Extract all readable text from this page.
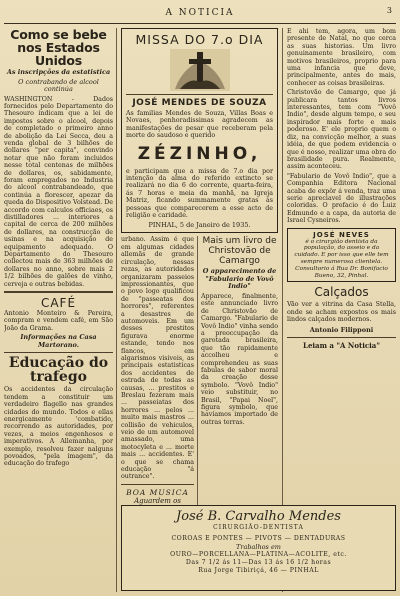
A NOTICIA	3
Como se bebe nos Estados Unidos
As inscripções da estatistica
O contrabando de alcool continúa
WASHINGTON - Dados fornecidos pelo Departamento do Thesouro indicam que a lei de impostos sobre o alcool, depois de completado o primeiro anno de abolição da Lei Secca, deu a venda global de 3 bilhões de dollares "per capita", convindo notar que não foram incluidos nesse total centenas de milhões de dollares, os, sabidamente, foram empregados no Industria do alcool contrabandeado, que continúa a florescer, apezar da queda do Dispositivo Volstead. De accordo com calculos officiaes, os distilladores ... interiores a capital de cerca de 200 milhões de dollares, na construcção de usinas e na acquisição de equipamento adequado. O Departamento do Thesouro collectou mais de 363 milhões de dollares no anno, sobre mais 2 1/2 bilhões de galões de vinho, cerveja e outras bebidas.
CAFÉ
Antonio Monteiro & Pereira, compram e vendem café, em São João da Grama.
Informações na Casa Martorano.
Educação do trafego
Os accidentes da circulação tendem a constituir um verdadeiro flagello nas grandes cidades do mundo. Todos e ellas energicamente 'combatido, recorrendo as autoridades, por vezes, a meios engenhosos e imperativos. A Allemanha, por exemplo, resolveu fazer nalguns povoados, "pela imagem", da educação do trafego
MISSA DO 7.o DIA
JOSÉ MENDES DE SOUZA
As familias Mendes de Souza, Villas Boas e Novaes, penhoradissimas agradecem as manifestações de pesar que receberam pela morte do saudoso e querido
ZÉZINHO,
e participam que a missa de 7.o dia por intenção da alma do referido extincto se realizará no dia 6 do corrente, quarta-feira, ás 7 horas e meia da manhã, na Igreja Matriz, ficando summamente gratas ás pessoas que comparecerem a esse acto de religião e caridade.
PINHAL, 5 de Janeiro de 1935.
urbano. Assim é que em algumas cidades allemãs de grande circulação, nessas rezas, as autoridades organizaram passeios impressionantes, que o povo logo qualificou de "passeatas dos horrores", referentes a desastres de automoveis. Em um desses prestitos figurava enorme estande, tendo nos flancos, em algarismos visiveis, as principais estatisticas dos accidentes de estrada de todas as causas, ... prestitos e Breslau fezeram mais ... passeiatas dos horrores ... pelos ... muito mais mastros ... collisão de vehiculos, veio de um automovel amassado, uma motocyleta e ... morte mais ... accidentes. E' o que se chama educação "á outrance".
BOA MUSICA
Aguardem os
Mais um livro de Christovão de Camargo
O apparecimento de "Fabulario de Vovô Indio"
Apparece, finalmente, este annunciado livro de Christovão de Camargo. "Fabulario de Vovô Indio" vinha sendo a preoccupação da garotada brasileira, que tão rapidamente accolheu e comprehendeu as suas fabulas de sabor moral da creação desse symbolo. "Vovô Indio" veio substituir, no Brasil, "Papai Noel", figura symbolo, que havíamos importado de outras terras.
E ahi tem, agora, um bom presente de Natal, no que cerca as suas historias. Um livro genuinamente brasileiro, com motivos brasileiros, proprio para uma infancia que deve, principalmente, antes do mais, conhecer as coisas brasileiras.
Christovão de Camargo, que já publicara tantos livros interessantes, tem com "Vovô Indio", desde algum tempo, e seu inspirador mais forte e mais poderoso. E' ele proprio quem o diz, na convicção melhor, a suas idéia, de que podem evidencia o que é nosso, realizar uma obra do brasilidade pura. Realmente, assim aconteceu.
"Fabulario de Vovô Indio", que a Companhia Editora Nacional acaba de expôr á venda, traz uma serie apreciavel de illustrações coloridas. O prefacio é do Luiz Edmundo e a capa, da autoria de Israel Cysneiros.
JOSÉ NEVES
é o cirurgião dentista da população, do asseio e da cuidado. E por isso que elle tem sempre numerosa clientela. Consultorio á Rua Dr. Bonifacio Bueno, 32, Pinhal.
Calçados
Vão ver a vitrina da Casa Stella, onde se acham expostos os mais lindos calçados modernos.
Antonio Filipponi
Leiam a "A Noticia"
José B. Carvalho Mendes
CIRURGIÃO-DENTISTA
COROAS E PONTES — PIVOTS — DENTADURAS
Trabalhos em
OURO—PORCELLANA—PLATINA—ACOLITE, etc.
Das 7 1/2 ás 11—Das 13 ás 16 1/2 horas
Rua Jorge Tibiriçá, 46 — PINHAL
